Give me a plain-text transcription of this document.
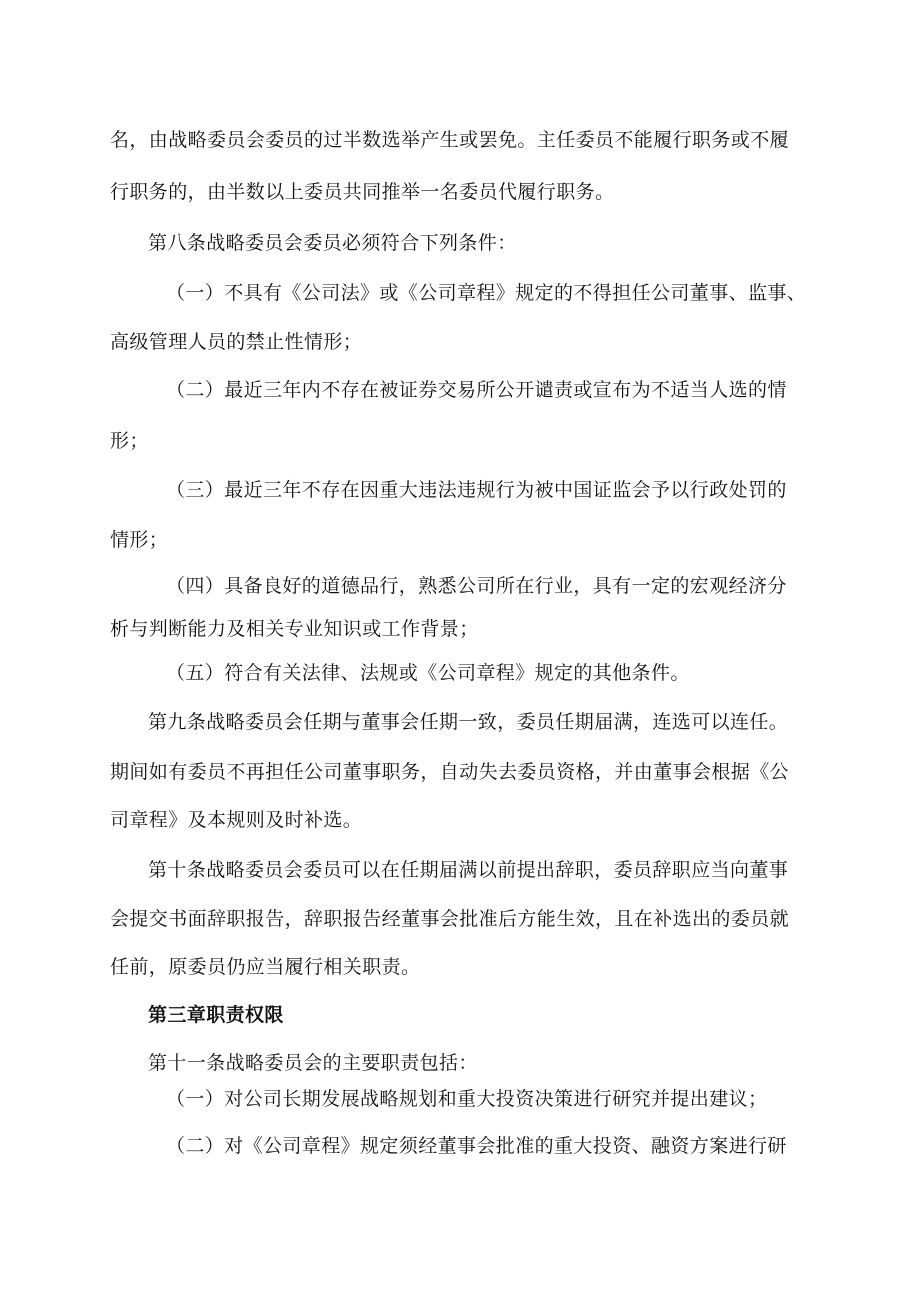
名，由战略委员会委员的过半数选举产生或罢免。主任委员不能履行职务或不履
行职务的，由半数以上委员共同推举一名委员代履行职务。
第八条战略委员会委员必须符合下列条件：
（一）不具有《公司法》或《公司章程》规定的不得担任公司董事、监事、
高级管理人员的禁止性情形；
（二）最近三年内不存在被证券交易所公开谴责或宣布为不适当人选的情
形；
（三）最近三年不存在因重大违法违规行为被中国证监会予以行政处罚的
情形；
（四）具备良好的道德品行，熟悉公司所在行业，具有一定的宏观经济分
析与判断能力及相关专业知识或工作背景；
（五）符合有关法律、法规或《公司章程》规定的其他条件。
第九条战略委员会任期与董事会任期一致，委员任期届满，连选可以连任。
期间如有委员不再担任公司董事职务，自动失去委员资格，并由董事会根据《公
司章程》及本规则及时补选。
第十条战略委员会委员可以在任期届满以前提出辞职，委员辞职应当向董事
会提交书面辞职报告，辞职报告经董事会批准后方能生效，且在补选出的委员就
任前，原委员仍应当履行相关职责。
第三章职责权限
第十一条战略委员会的主要职责包括：
（一）对公司长期发展战略规划和重大投资决策进行研究并提出建议；
（二）对《公司章程》规定须经董事会批准的重大投资、融资方案进行研
